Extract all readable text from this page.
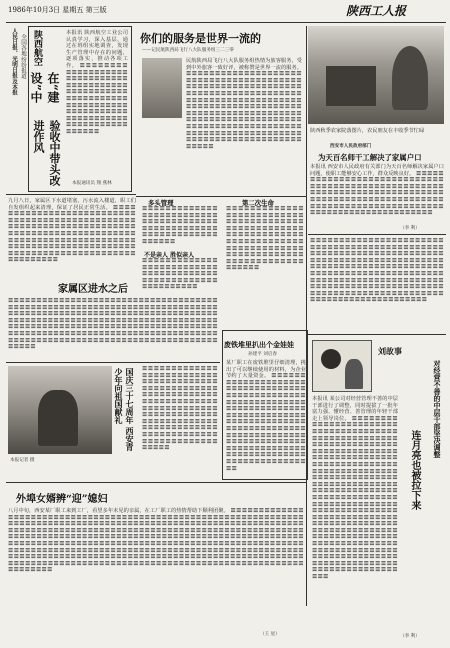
1986年10月3日 星期五 第三版	陕西工人报
人民日报、光明日报及本报 全国各地纷纷报道 陕西航空
在“建设”中
验收中带头改进作风
本报讯 陕西航空工业公司认真学习，深入基层，通过在班组实地调查，发现生产管理中存在的问题，逐项落实，推动各项工作。 〓〓〓〓〓〓〓〓〓〓〓〓〓〓〓〓〓〓〓〓〓〓〓〓〓〓〓〓〓〓〓〓〓〓〓〓〓〓〓〓〓〓〓〓〓〓〓〓〓〓〓〓〓〓〓〓〓〓〓〓〓〓〓〓〓〓〓〓〓〓〓〓〓〓〓〓〓〓〓〓〓〓〓〓〓〓〓〓〓〓〓〓〓〓〓〓〓〓〓〓〓〓〓〓〓〓〓〓〓〓〓〓〓
本报通讯员 翔 燕林
你们的服务是世界一流的
——记民航陕西局飞行八大队服务组三二三零
民航陕西局飞行八大队服务组热情为旅客服务，受到中外旅客一致好评，被称赞是世界一流的服务。 〓〓〓〓〓〓〓〓〓〓〓〓〓〓〓〓〓〓〓〓〓〓〓〓〓〓〓〓〓〓〓〓〓〓〓〓〓〓〓〓〓〓〓〓〓〓〓〓〓〓〓〓〓〓〓〓〓〓〓〓〓〓〓〓〓〓〓〓〓〓〓〓〓〓〓〓〓〓〓〓〓〓〓〓〓〓〓〓〓〓〓〓〓〓〓〓〓〓〓〓〓〓〓〓〓〓〓〓〓〓〓〓〓〓〓〓〓〓〓〓〓〓〓〓〓〓〓〓〓〓〓〓〓〓〓〓〓〓〓〓〓〓〓〓〓〓〓〓〓〓〓〓〓〓〓〓〓〓〓〓〓〓〓〓〓〓〓〓〓〓〓〓〓〓〓〓〓〓〓〓〓〓〓〓〓〓〓〓〓〓〓〓〓〓〓〓〓〓〓〓〓〓〓〓〓〓〓〓〓〓〓〓〓〓〓〓〓〓〓〓〓〓〓〓〓
陕西秋季农家院落图片，农民朋友在丰收季节忙碌
西安市人民政府部门
为天百名师干工解决了家属户口
本报讯 西安市人民政府有关部门为天百名师解决家属户口问题，使职工能够安心工作，群众反映良好。 〓〓〓〓〓〓〓〓〓〓〓〓〓〓〓〓〓〓〓〓〓〓〓〓〓〓〓〓〓〓〓〓〓〓〓〓〓〓〓〓〓〓〓〓〓〓〓〓〓〓〓〓〓〓〓〓〓〓〓〓〓〓〓〓〓〓〓〓〓〓〓〓〓〓〓〓〓〓〓〓〓〓〓〓〓〓〓〓〓〓〓〓〓〓〓〓〓〓〓〓〓〓〓〓〓〓〓〓〓〓〓〓〓〓〓〓〓〓〓〓〓〓〓〓〓〓〓〓〓〓〓〓〓〓〓〓〓〓〓〓〓〓
（李 利）
多头管理
〓〓〓〓〓〓〓〓〓〓〓〓〓〓〓〓〓〓〓〓〓〓〓〓〓〓〓〓〓〓〓〓〓〓〓〓〓〓〓〓〓〓〓〓〓〓〓〓〓〓〓〓〓〓〓〓〓〓〓〓〓〓〓〓〓〓〓〓〓〓〓
第二次生命
〓〓〓〓〓〓〓〓〓〓〓〓〓〓〓〓〓〓〓〓〓〓〓〓〓〓〓〓〓〓〓〓〓〓〓〓〓〓〓〓〓〓〓〓〓〓〓〓〓〓〓〓〓〓〓〓〓〓〓〓〓〓〓〓〓〓〓〓〓〓〓〓〓〓〓〓〓〓〓〓〓〓〓〓〓〓〓〓〓〓〓〓〓〓〓〓〓〓〓〓〓〓〓〓〓〓〓〓〓〓〓〓〓〓〓〓〓〓〓〓〓〓〓
不是亲人 胜似亲人
〓〓〓〓〓〓〓〓〓〓〓〓〓〓〓〓〓〓〓〓〓〓〓〓〓〓〓〓〓〓〓〓〓〓〓〓〓〓〓〓〓〓〓〓〓〓〓〓〓〓〓〓〓〓〓〓〓〓〓〓〓〓
家属区进水之后
九月八日，家属区下水道堵塞，污水流入楼道，职工们自发组织起来清理，保证了居民正常生活。 〓〓〓〓〓〓〓〓〓〓〓〓〓〓〓〓〓〓〓〓〓〓〓〓〓〓〓〓〓〓〓〓〓〓〓〓〓〓〓〓〓〓〓〓〓〓〓〓〓〓〓〓〓〓〓〓〓〓〓〓〓〓〓〓〓〓〓〓〓〓〓〓〓〓〓〓〓〓〓〓〓〓〓〓〓〓〓〓〓〓〓〓〓〓〓〓〓〓〓〓〓〓〓〓〓〓〓〓〓〓〓〓〓〓〓〓〓〓〓〓〓〓〓〓〓〓〓〓〓〓〓〓〓〓〓〓〓〓〓〓〓〓〓〓〓〓〓〓〓〓〓〓〓〓〓〓〓〓〓〓〓〓〓〓〓〓〓
〓〓〓〓〓〓〓〓〓〓〓〓〓〓〓〓〓〓〓〓〓〓〓〓〓〓〓〓〓〓〓〓〓〓〓〓〓〓〓〓〓〓〓〓〓〓〓〓〓〓〓〓〓〓〓〓〓〓〓〓〓〓〓〓〓〓〓〓〓〓〓〓〓〓〓〓〓〓〓〓〓〓〓〓〓〓〓〓〓〓〓〓〓〓〓〓〓〓〓〓〓〓〓〓〓〓〓〓〓〓〓〓〓〓〓〓〓〓〓〓〓〓〓〓〓〓〓〓〓〓〓〓〓〓〓〓〓〓〓〓〓〓〓〓〓〓〓〓〓〓〓〓〓〓〓〓〓〓〓〓〓〓〓〓〓〓〓〓〓〓〓〓〓〓〓〓〓〓〓〓〓〓〓〓〓〓〓〓〓〓〓〓〓〓〓〓〓〓〓〓〓〓〓〓〓〓〓〓〓〓〓〓〓〓〓〓〓〓〓〓〓〓〓〓〓〓〓〓〓〓〓〓〓〓〓〓〓〓〓〓〓〓〓〓〓〓〓〓〓〓〓〓〓〓〓〓〓〓〓〓〓〓〓〓
〓〓〓〓〓〓〓〓〓〓〓〓〓〓〓〓〓〓〓〓〓〓〓〓〓〓〓〓〓〓〓〓〓〓〓〓〓〓〓〓〓〓〓〓〓〓〓〓〓〓〓〓〓〓〓〓〓〓〓〓〓〓〓〓〓〓〓〓〓〓〓〓〓〓〓〓〓〓〓〓〓〓〓〓〓〓〓〓〓〓〓〓〓〓〓〓〓〓〓〓〓〓〓〓〓〓〓〓〓〓〓〓〓〓〓〓〓〓〓〓〓〓〓〓〓〓〓〓〓〓〓〓〓〓〓〓〓〓〓〓〓〓〓〓〓〓〓〓〓〓〓〓〓〓〓〓〓〓〓〓〓〓〓〓〓〓〓〓〓〓〓〓〓〓〓〓〓〓〓〓〓〓〓〓〓〓〓〓〓〓〓〓〓〓〓〓〓〓〓〓〓〓〓〓〓〓〓〓〓〓〓〓〓〓〓〓〓〓〓〓〓〓〓〓〓〓〓〓
废铁堆里扒出个金娃娃
孙建平 刘启春
某厂职工在废铁堆里仔细清理，挑出了可以继续使用的材料，为企业节约了大量资金。 〓〓〓〓〓〓〓〓〓〓〓〓〓〓〓〓〓〓〓〓〓〓〓〓〓〓〓〓〓〓〓〓〓〓〓〓〓〓〓〓〓〓〓〓〓〓〓〓〓〓〓〓〓〓〓〓〓〓〓〓〓〓〓〓〓〓〓〓〓〓〓〓〓〓〓〓〓〓〓〓〓〓〓〓〓〓〓〓〓〓〓〓〓〓〓〓〓〓〓〓〓〓〓〓〓〓〓〓〓〓〓〓〓〓〓〓〓〓〓〓〓〓〓〓〓〓〓〓〓〓〓〓〓〓〓〓〓〓〓〓〓〓〓〓〓〓〓〓〓〓〓〓〓〓〓〓〓〓〓〓〓〓〓〓〓〓〓〓〓〓〓〓〓〓〓〓〓〓〓〓〓〓〓〓〓〓〓〓〓〓
国庆三十七周年 西安青少年向祖国献礼
本报记者 摄
〓〓〓〓〓〓〓〓〓〓〓〓〓〓〓〓〓〓〓〓〓〓〓〓〓〓〓〓〓〓〓〓〓〓〓〓〓〓〓〓〓〓〓〓〓〓〓〓〓〓〓〓〓〓〓〓〓〓〓〓〓〓〓〓〓〓〓〓〓〓〓〓〓〓〓〓〓〓〓〓〓〓〓〓〓〓〓〓〓〓〓〓〓〓〓〓〓〓〓〓〓〓〓〓〓〓〓〓〓〓〓〓〓〓〓〓〓〓〓〓〓〓〓〓〓〓〓〓〓〓〓〓〓〓〓〓〓〓〓〓〓〓〓〓〓〓〓〓〓〓〓〓〓〓〓〓〓〓〓〓〓
外埠女婿辨“迎”媳妇
八月中旬，西安某厂职工来到工厂，看望多年未见的亲属，在工厂职工的热情帮助下顺利团聚。 〓〓〓〓〓〓〓〓〓〓〓〓〓〓〓〓〓〓〓〓〓〓〓〓〓〓〓〓〓〓〓〓〓〓〓〓〓〓〓〓〓〓〓〓〓〓〓〓〓〓〓〓〓〓〓〓〓〓〓〓〓〓〓〓〓〓〓〓〓〓〓〓〓〓〓〓〓〓〓〓〓〓〓〓〓〓〓〓〓〓〓〓〓〓〓〓〓〓〓〓〓〓〓〓〓〓〓〓〓〓〓〓〓〓〓〓〓〓〓〓〓〓〓〓〓〓〓〓〓〓〓〓〓〓〓〓〓〓〓〓〓〓〓〓〓〓〓〓〓〓〓〓〓〓〓〓〓〓〓〓〓〓〓〓〓〓〓〓〓〓〓〓〓〓〓〓〓〓〓〓〓〓〓〓〓〓〓〓〓〓〓〓〓〓〓〓〓〓〓〓〓〓〓〓〓〓〓〓〓〓〓〓〓〓〓〓〓〓〓〓〓〓〓〓〓〓〓〓〓〓〓〓〓〓〓〓〓〓〓〓〓〓〓〓〓〓〓〓〓〓〓〓〓〓〓〓〓〓〓〓〓〓〓〓〓〓〓〓〓〓〓〓〓〓〓〓〓〓〓〓〓〓〓〓〓〓〓〓〓〓〓〓〓〓〓〓〓〓〓〓〓〓〓〓〓〓〓〓〓〓〓〓〓〓〓〓〓〓〓〓〓〓〓〓〓〓〓〓〓〓〓〓〓〓〓〓〓〓〓〓〓〓〓〓〓〓〓〓〓〓〓〓〓〓〓〓〓〓〓〓〓〓〓〓〓〓〓〓〓〓〓〓〓〓〓〓〓〓〓〓〓〓〓〓〓〓〓〓〓〓〓〓〓〓〓〓〓〓〓〓〓〓〓〓〓〓〓〓〓〓〓〓〓〓〓〓〓〓〓〓〓〓〓〓〓〓〓〓〓〓〓〓〓〓〓〓〓
（王 星）
刘故事
对经营不善的中层干部坚决调整
连月亮也被拉下来
本报讯 某公司对经营管理不善的中层干部进行了调整，同时提拔了一批年富力强、懂经营、善管理的年轻干部走上领导岗位。 〓〓〓〓〓〓〓〓〓〓〓〓〓〓〓〓〓〓〓〓〓〓〓〓〓〓〓〓〓〓〓〓〓〓〓〓〓〓〓〓〓〓〓〓〓〓〓〓〓〓〓〓〓〓〓〓〓〓〓〓〓〓〓〓〓〓〓〓〓〓〓〓〓〓〓〓〓〓〓〓〓〓〓〓〓〓〓〓〓〓〓〓〓〓〓〓〓〓〓〓〓〓〓〓〓〓〓〓〓〓〓〓〓〓〓〓〓〓〓〓〓〓〓〓〓〓〓〓〓〓〓〓〓〓〓〓〓〓〓〓〓〓〓〓〓〓〓〓〓〓〓〓〓〓〓〓〓〓〓〓〓〓〓〓〓〓〓〓〓〓〓〓〓〓〓〓〓〓〓〓〓〓〓〓〓〓〓〓〓〓〓〓〓〓〓〓〓〓〓〓〓〓〓〓〓〓〓〓〓〓〓〓〓〓〓〓〓〓〓〓〓〓〓〓〓〓〓〓〓〓〓〓〓〓〓〓〓〓〓〓〓〓〓〓〓〓〓〓〓〓〓〓〓〓〓〓〓〓〓〓〓〓〓〓〓〓〓〓〓〓〓〓〓〓〓〓〓〓〓〓〓〓〓〓〓〓〓〓〓〓〓〓〓〓〓〓〓〓〓〓〓〓〓〓〓〓〓〓〓〓〓〓〓〓〓〓〓〓〓〓〓〓〓〓〓〓〓〓〓〓〓〓〓〓〓〓〓〓〓〓〓〓〓〓〓〓〓〓〓〓〓〓〓〓〓〓
（李 利）
